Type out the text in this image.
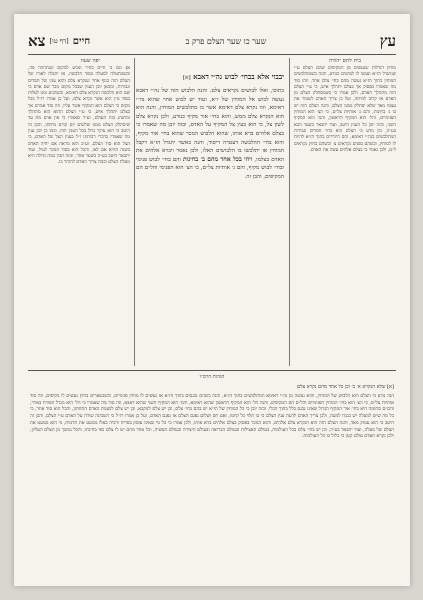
עץ
שער כו שער הצלם פרק ב
חיים
[דף טו]
צא
בית לחם יהודה

מוחין דגדלות שנעשים מן המקיפים שהם הצלם ע״י שנתגדל הז״א ונעשו לו לבושים כנודע, והנה כשמתלבשים המוחין בתוך הז״א נעשה מהם בחי׳ צלם אחד, וזהו סוד מה שאמרו בפסוק אך בצלם יתהלך איש, כי ע״י הצלם הזה מתהלך האדם, ולכן אמרו כי כשמסתלק הצלם מן האדם אז קרוב למיתה, ועל כן צריך האדם לשמור את עצמו מאד שלא יסתלק ממנו הצלם, והנה הצלם הזה יש בו ג׳ בחינות, והם ג׳ אותיות צל״ם, כי הצ׳ הוא המוחין הפנימיים, והל׳ הוא המקיף הראשון, והמ׳ הוא המקיף השני, ובזה יובן כל הענין היטב, ועוד יתבאר בשער הבא בע״ה, וכן נודע כי הצלם הוא בחי׳ חסדים וגבורות המתלבשים בנה״י דאימא, והם היורדים בתוך הז״א להיות לו למוחין, וכשהם בפנים נקראים צ׳ וכשהם בחוץ נקראים ל״ם, ולכן נאמר כי בצלם אלהים עשה את האדם.

יבבוי אלא בבחי׳ לבוש נה״י דאבא [א]
בתוכו, ואלו לבושים נקראים צלם. והנה הלבוש הזה של נה״י דאבא נעשה לבוש אל המוחין של ז״א, ועוד יש לבוש אחר שהוא נה״י דאימא, וזה נקרא צלם דאימא אשר בו מתלבשים המוחין, והנה הוא הוא הנקרא צלם ממש, והוא בחי׳ אור מקיף כנודע, ולכן נקרא צלם לשון צל, כי הוא כעין צל המקיף על האדם, ובזה יובן מה שאמרו כי בצלם אלהים ברא אותו, שהוא הלבוש הנזכר שהוא בחי׳ אור מקיף, והוא בחי׳ ההלבשה דעטרה דיסוד, והנה כאשר יתגדל הז״א ויקבל המוחין אז יתלבשו בו הלבושים האלו, ולכן נאמר ויברא אלהים את האדם בצלמו, ויהי בכל אחד מהם ב׳ בחינות והם בחי׳ לבוש פנימי ובחי׳ לבוש מקיף, והם ג׳ אותיות צל״ם, כי הצ׳ הוא הפנימי והל״ם הם המקיפים, והבן זה.

יפה שעה

א) וגם ב׳ חיים בהיר ומגיע למקום שנתהווה פה, וכשמתעלה למעלה בסוד הלבשה, אז יתגלה לאורו של הצלם הזה בגוף אחר שנקרא צלם והוא ענין של חסדים וגבורות, ומכאן יובן הענין שבכל מקום נזכר שם אדם כי שם הוא הלבשה הנקרא צלם דאימא, וכשהגיע זמנו לעלות בסוד מ״ן הוא אשר נקרא צלם, ועל כן אמרו רז״ל בכל מקום כי הצלם הוא המקיף אשר עליו, וזה סוד אמרם אך בצלם יתהלך איש, כי ע״י הצלם ההוא הוא מתהלך ומתנהג בזה העולם, וע״ד שאמרו כי אין אדם מת עד שיסתלק הצלם ממנו שלשים יום קודם מיתתו, והבן זה היטב כי הוא עיקר גדול בכל הענין הזה, וכמו כן יובן ענין מה שאמרו בדברי רבותינו ז״ל בענין הצל של האדם, כי הצל הוא סוד הצלם, וע״כ הוא מראה אם יחיה האדם בשנה ההיא אם לאו, והכל הוא בסוד הנזכר לעיל, ועוד יתבאר היטב בע״ה בשער אחר, ומזה תבין כמה גדולה היא מעלת הצלם וכמה צריך האדם להזהר בו.

הגהות הרמ״ו

[א] שלא הנקרא א׳ ב׳ וכן כל אחד מהם נקרא צלם
הנה נודע כי הצלם הוא הלבוש של המוחין, והוא נעשה מן נה״י דאימא המתלבשים בתוך הז״א, והנה כשהם נכנסים בתוך הז״א אז נעשים לו מוחין פנימיים, וכשנשארים בחוץ נעשים לו מקיפים, וזה סוד אותיות צל״ם, כי הצ׳ הוא בחי׳ המוחין הפנימיים והל״ם הם המקיפים, והנה הל׳ הוא המקיף הראשון שהוא דאימא, והמ׳ הוא המקיף השני שהוא דאבא, וזה סוד מה שאמרו כי הל׳ הוא מגדל הפורח באויר, והם״ם סתומה היא בחי׳ אור המקיף הגדול שאינו נכנס כלל בתוך הכלי, ובזה יובן כי כל המוחין של הז״א יש בהם בחי׳ צלם, וכן יש צלם לנוקבא, וכן יש צלם לנשמת האדם התחתון, והכל הוא סוד אחד, כי כל מה שיש למעלה יש כנגדו למטה, ולכן צריך האדם לדעת ענין הצלם כי בו תלוי כל קיומו, ואם חס ושלום נפגם הצלם אז נפגם האדם, ועל כן אמרו רז״ל כי השכינה שורה על האדם ע״י הצלם, והבן זה היטב כי הוא עמוק מאד, והנה הצלם הזה הוא הנקרא צלם אלהים, והוא הנזכר בפסוק בצלם אלהים ברא אותו, ולכן אמרו כי כל מי שאינו עוסק בפריה ורביה כאלו ממעט את הדמות, כי הוא ממעט את הצלם של מעלה, ועוד יתבאר בע״ה, וכן יש בחי׳ צלם בכל העולמות, בעולם האצילות ובעולם הבריאה ובעולם היצירה ובעולם העשיה, וכל אחד מהם יש לו צלם כפי בחינתו, והכל נמשך מן הצלם העליון, ולכן נקרא האדם עולם קטן כי כלול בו כל העולמות.
